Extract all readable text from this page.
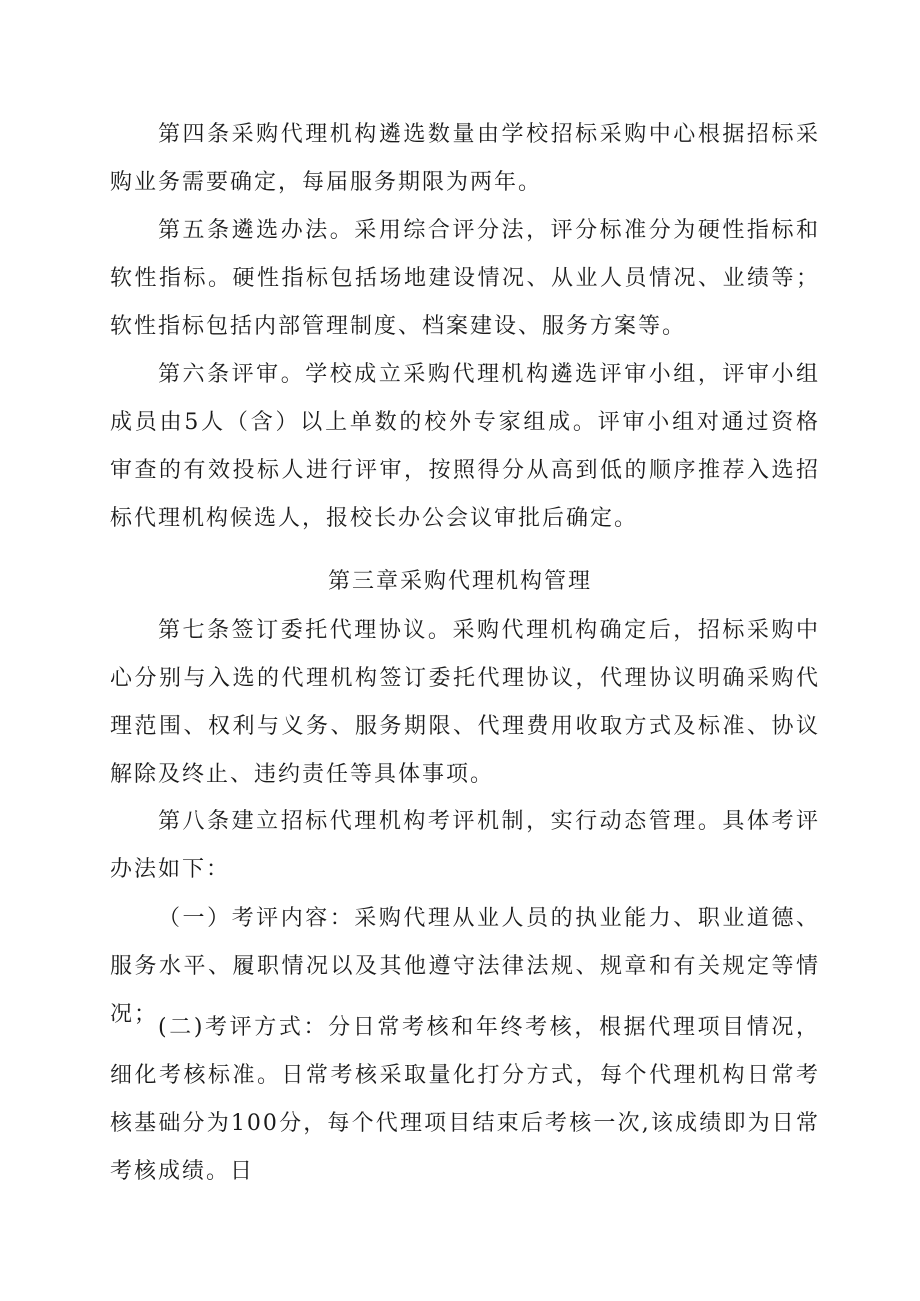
第四条采购代理机构遴选数量由学校招标采购中心根据招标采购业务需要确定，每届服务期限为两年。

第五条遴选办法。采用综合评分法，评分标准分为硬性指标和软性指标。硬性指标包括场地建设情况、从业人员情况、业绩等；软性指标包括内部管理制度、档案建设、服务方案等。

第六条评审。学校成立采购代理机构遴选评审小组，评审小组成员由5人（含）以上单数的校外专家组成。评审小组对通过资格审查的有效投标人进行评审，按照得分从高到低的顺序推荐入选招标代理机构候选人，报校长办公会议审批后确定。

第三章采购代理机构管理

第七条签订委托代理协议。采购代理机构确定后，招标采购中心分别与入选的代理机构签订委托代理协议，代理协议明确采购代理范围、权利与义务、服务期限、代理费用收取方式及标准、协议解除及终止、违约责任等具体事项。

第八条建立招标代理机构考评机制，实行动态管理。具体考评办法如下：

（一）考评内容：采购代理从业人员的执业能力、职业道德、服务水平、履职情况以及其他遵守法律法规、规章和有关规定等情况；

(二)考评方式：分日常考核和年终考核，根据代理项目情况，细化考核标准。日常考核采取量化打分方式，每个代理机构日常考核基础分为100分，每个代理项目结束后考核一次,该成绩即为日常考核成绩。日
